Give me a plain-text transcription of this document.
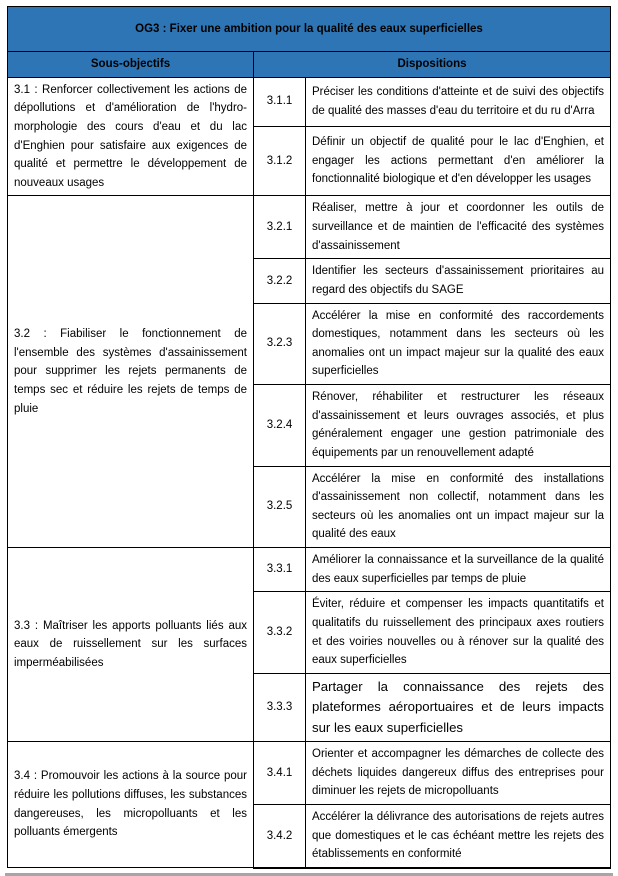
OG3 : Fixer une ambition pour la qualité des eaux superficielles		
Sous-objectifs	Dispositions	
3.1 : Renforcer collectivement les actions de dépollutions et d'amélioration de l'hydro-morphologie des cours d'eau et du lac d'Enghien pour satisfaire aux exigences de qualité et permettre le développement de nouveaux usages	3.1.1	Préciser les conditions d'atteinte et de suivi des objectifs de qualité des masses d'eau du territoire et du ru d'Arra
	3.1.2	Définir un objectif de qualité pour le lac d'Enghien, et engager les actions permettant d'en améliorer la fonctionnalité biologique et d'en développer les usages
3.2 : Fiabiliser le fonctionnement de l'ensemble des systèmes d'assainissement pour supprimer les rejets permanents de temps sec et réduire les rejets de temps de pluie	3.2.1	Réaliser, mettre à jour et coordonner les outils de surveillance et de maintien de l'efficacité des systèmes d'assainissement
	3.2.2	Identifier les secteurs d'assainissement prioritaires au regard des objectifs du SAGE
	3.2.3	Accélérer la mise en conformité des raccordements domestiques, notamment dans les secteurs où les anomalies ont un impact majeur sur la qualité des eaux superficielles
	3.2.4	Rénover, réhabiliter et restructurer les réseaux d'assainissement et leurs ouvrages associés, et plus généralement engager une gestion patrimoniale des équipements par un renouvellement adapté
	3.2.5	Accélérer la mise en conformité des installations d'assainissement non collectif, notamment dans les secteurs où les anomalies ont un impact majeur sur la qualité des eaux
3.3 : Maîtriser les apports polluants liés aux eaux de ruissellement sur les surfaces imperméabilisées	3.3.1	Améliorer la connaissance et la surveillance de la qualité des eaux superficielles par temps de pluie
	3.3.2	Éviter, réduire et compenser les impacts quantitatifs et qualitatifs du ruissellement des principaux axes routiers et des voiries nouvelles ou à rénover sur la qualité des eaux superficielles
	3.3.3	Partager la connaissance des rejets des plateformes aéroportuaires et de leurs impacts sur les eaux superficielles
3.4 : Promouvoir les actions à la source pour réduire les pollutions diffuses, les substances dangereuses, les micropolluants et les polluants émergents	3.4.1	Orienter et accompagner les démarches de collecte des déchets liquides dangereux diffus des entreprises pour diminuer les rejets de micropolluants
	3.4.2	Accélérer la délivrance des autorisations de rejets autres que domestiques et le cas échéant mettre les rejets des établissements en conformité
